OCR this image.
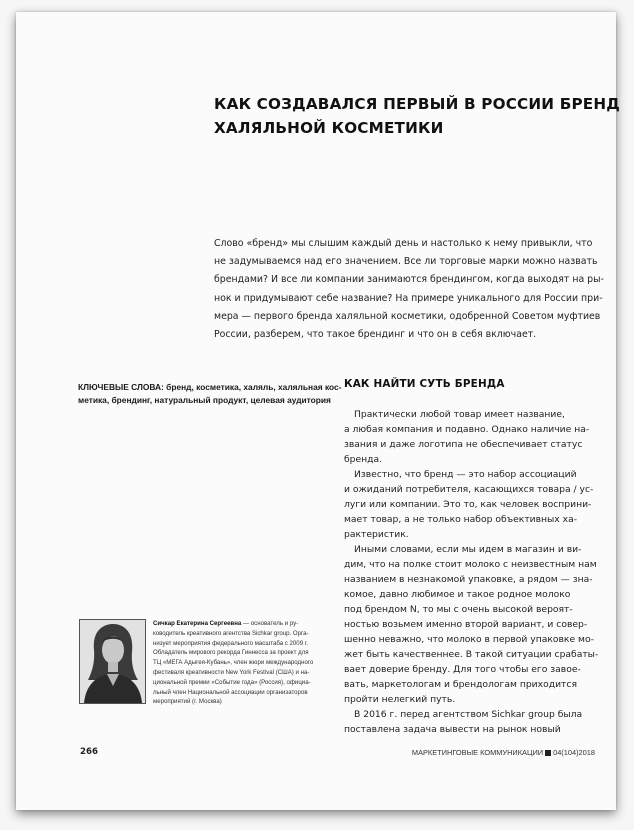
КАК СОЗДАВАЛСЯ ПЕРВЫЙ В РОССИИ БРЕНД
ХАЛЯЛЬНОЙ КОСМЕТИКИ
Слово «бренд» мы слышим каждый день и настолько к нему привыкли, что
не задумываемся над его значением. Все ли торговые марки можно назвать
брендами? И все ли компании занимаются брендингом, когда выходят на ры-
нок и придумывают себе название? На примере уникального для России при-
мера — первого бренда халяльной косметики, одобренной Советом муфтиев
России, разберем, что такое брендинг и что он в себя включает.
КЛЮЧЕВЫЕ СЛОВА: бренд, косметика, халяль, халяльная кос-
метика, брендинг, натуральный продукт, целевая аудитория
КАК НАЙТИ СУТЬ БРЕНДА
Практически любой товар имеет название,
а любая компания и подавно. Однако наличие на-
звания и даже логотипа не обеспечивает статус
бренда.
Известно, что бренд — это набор ассоциаций
и ожиданий потребителя, касающихся товара / ус-
луги или компании. Это то, как человек восприни-
мает товар, а не только набор объективных ха-
рактеристик.
Иными словами, если мы идем в магазин и ви-
дим, что на полке стоит молоко с неизвестным нам
названием в незнакомой упаковке, а рядом — зна-
комое, давно любимое и такое родное молоко
под брендом N, то мы с очень высокой вероят-
ностью возьмем именно второй вариант, и совер-
шенно неважно, что молоко в первой упаковке мо-
жет быть качественнее. В такой ситуации срабаты-
вает доверие бренду. Для того чтобы его завое-
вать, маркетологам и брендологам приходится
пройти нелегкий путь.
В 2016 г. перед агентством Sichkar group была
поставлена задача вывести на рынок новый
Сичкар Екатерина Сергеевна — основатель и ру-
ководитель креативного агентства Sichkar group. Орга-
низует мероприятия федерального масштаба с 2009 г.
Обладатель мирового рекорда Гиннесса за проект для
ТЦ «МЕГА Адыгея-Кубань», член жюри международного
фестиваля креативности New York Festival (США) и на-
циональной премии «Событие года» (Россия), официа-
льный член Национальной ассоциации организаторов
мероприятий (г. Москва)
266	МАРКЕТИНГОВЫЕ КОММУНИКАЦИИ 04(104)2018
